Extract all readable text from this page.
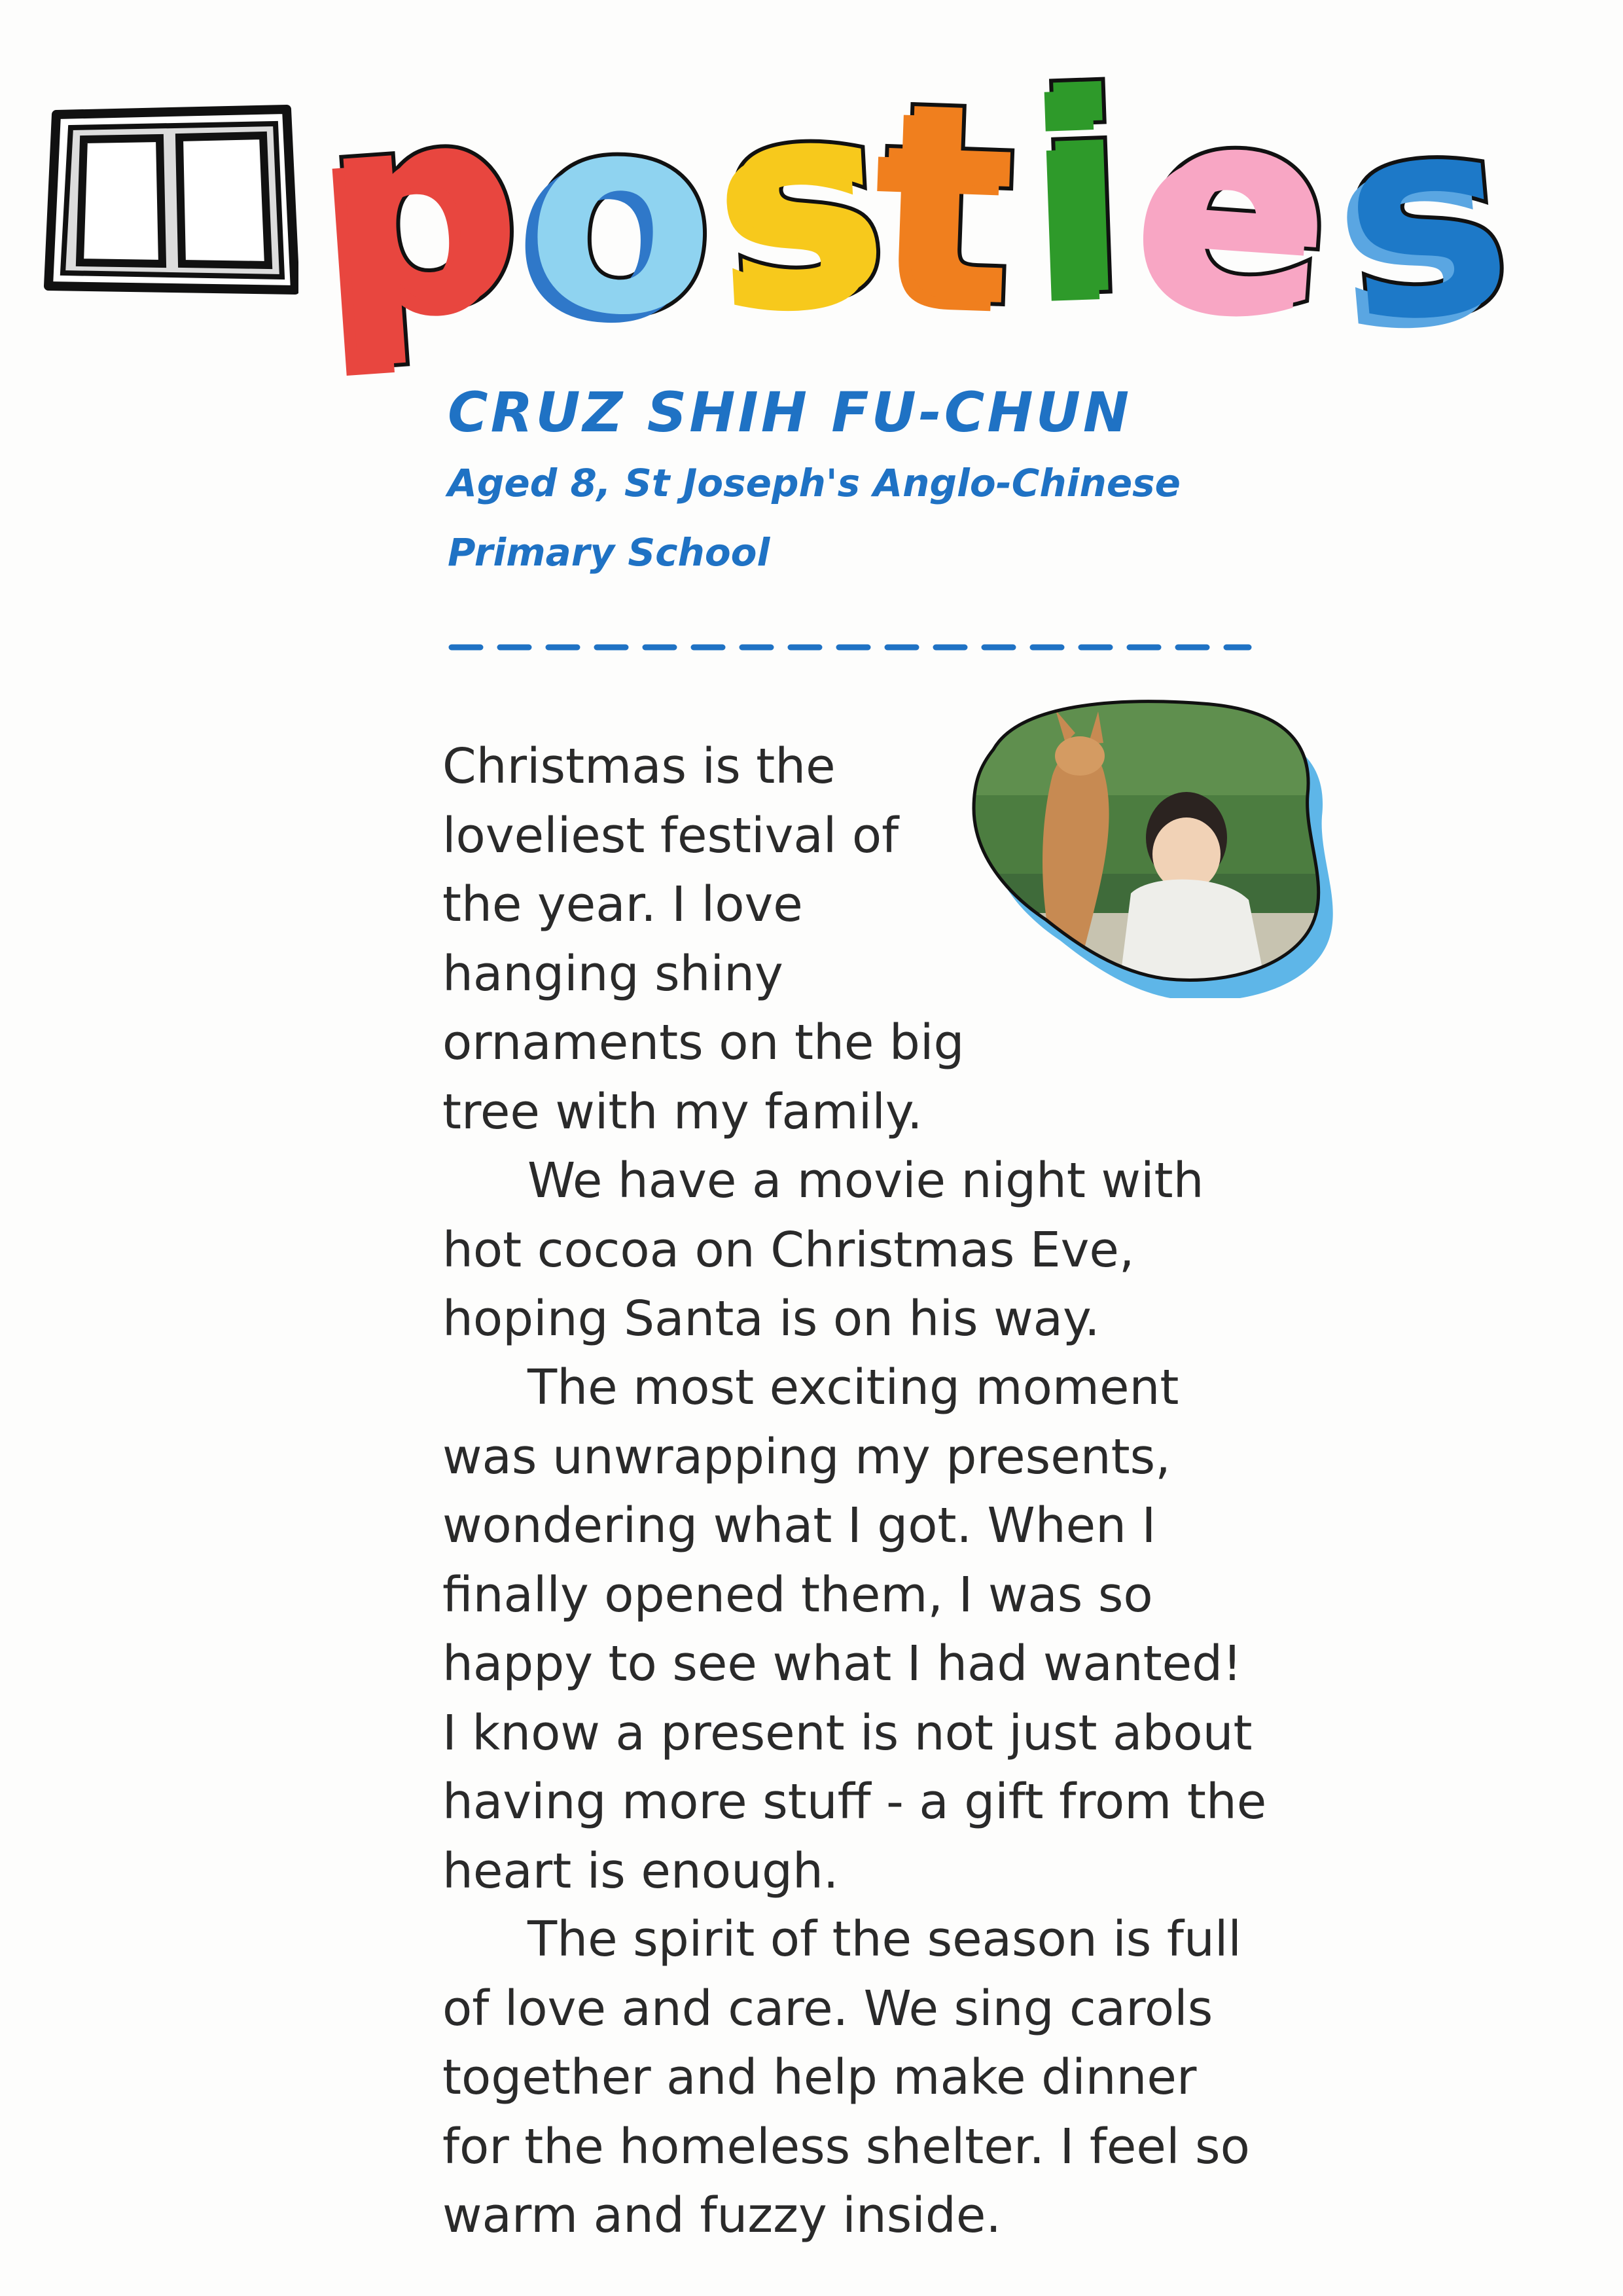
p
o
s
t i e
s

CRUZ SHIH FU-CHUN

Aged 8, St Joseph's Anglo-Chinese Primary School

Christmas is the loveliest festival of the year. I love hanging shiny ornaments on the big tree with my family.

We have a movie night with hot cocoa on Christmas Eve, hoping Santa is on his way.

The most exciting moment was unwrapping my presents, wondering what I got. When I finally opened them, I was so happy to see what I had wanted! I know a present is not just about having more stuff - a gift from the heart is enough.

The spirit of the season is full of love and care. We sing carols together and help make dinner for the homeless shelter. I feel so warm and fuzzy inside.
